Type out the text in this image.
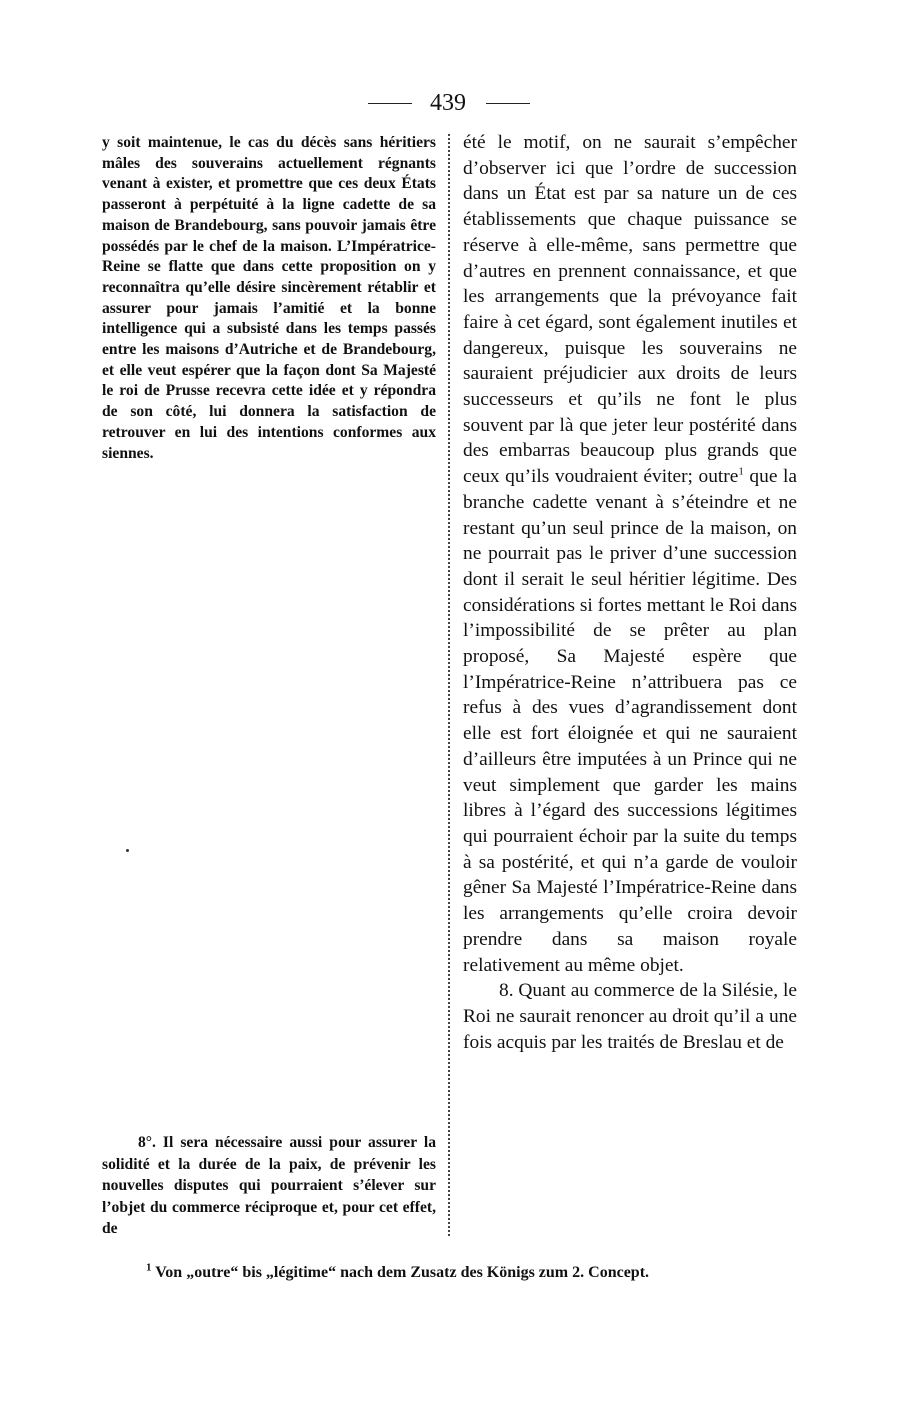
439

y soit maintenue, le cas du décès sans héritiers mâles des souverains actuellement régnants venant à exister, et promettre que ces deux États passeront à perpétuité à la ligne cadette de sa maison de Brandebourg, sans pouvoir jamais être possédés par le chef de la maison. L’Impératrice-Reine se flatte que dans cette proposition on y reconnaîtra qu’elle désire sincèrement rétablir et assurer pour jamais l’amitié et la bonne intelligence qui a subsisté dans les temps passés entre les maisons d’Autriche et de Brandebourg, et elle veut espérer que la façon dont Sa Majesté le roi de Prusse recevra cette idée et y répondra de son côté, lui donnera la satisfaction de retrouver en lui des intentions conformes aux siennes.

8°. Il sera nécessaire aussi pour assurer la solidité et la durée de la paix, de prévenir les nouvelles disputes qui pourraient s’élever sur l’objet du commerce réciproque et, pour cet effet, de

été le motif, on ne saurait s’empêcher d’observer ici que l’ordre de succession dans un État est par sa nature un de ces établissements que chaque puissance se réserve à elle-même, sans permettre que d’autres en prennent connaissance, et que les arrangements que la prévoyance fait faire à cet égard, sont également inutiles et dangereux, puisque les souverains ne sauraient préjudicier aux droits de leurs successeurs et qu’ils ne font le plus souvent par là que jeter leur postérité dans des embarras beaucoup plus grands que ceux qu’ils voudraient éviter; outre$^1$ que la branche cadette venant à s’éteindre et ne restant qu’un seul prince de la maison, on ne pourrait pas le priver d’une succession dont il serait le seul héritier légitime. Des considérations si fortes mettant le Roi dans l’impossibilité de se prêter au plan proposé, Sa Majesté espère que l’Impératrice-Reine n’attribuera pas ce refus à des vues d’agrandissement dont elle est fort éloignée et qui ne sauraient d’ailleurs être imputées à un Prince qui ne veut simplement que garder les mains libres à l’égard des successions légitimes qui pourraient échoir par la suite du temps à sa postérité, et qui n’a garde de vouloir gêner Sa Majesté l’Impératrice-Reine dans les arrangements qu’elle croira devoir prendre dans sa maison royale relativement au même objet.

8. Quant au commerce de la Silésie, le Roi ne saurait renoncer au droit qu’il a une fois acquis par les traités de Breslau et de

$^1$ Von „outre“ bis „légitime“ nach dem Zusatz des Königs zum 2. Concept.
